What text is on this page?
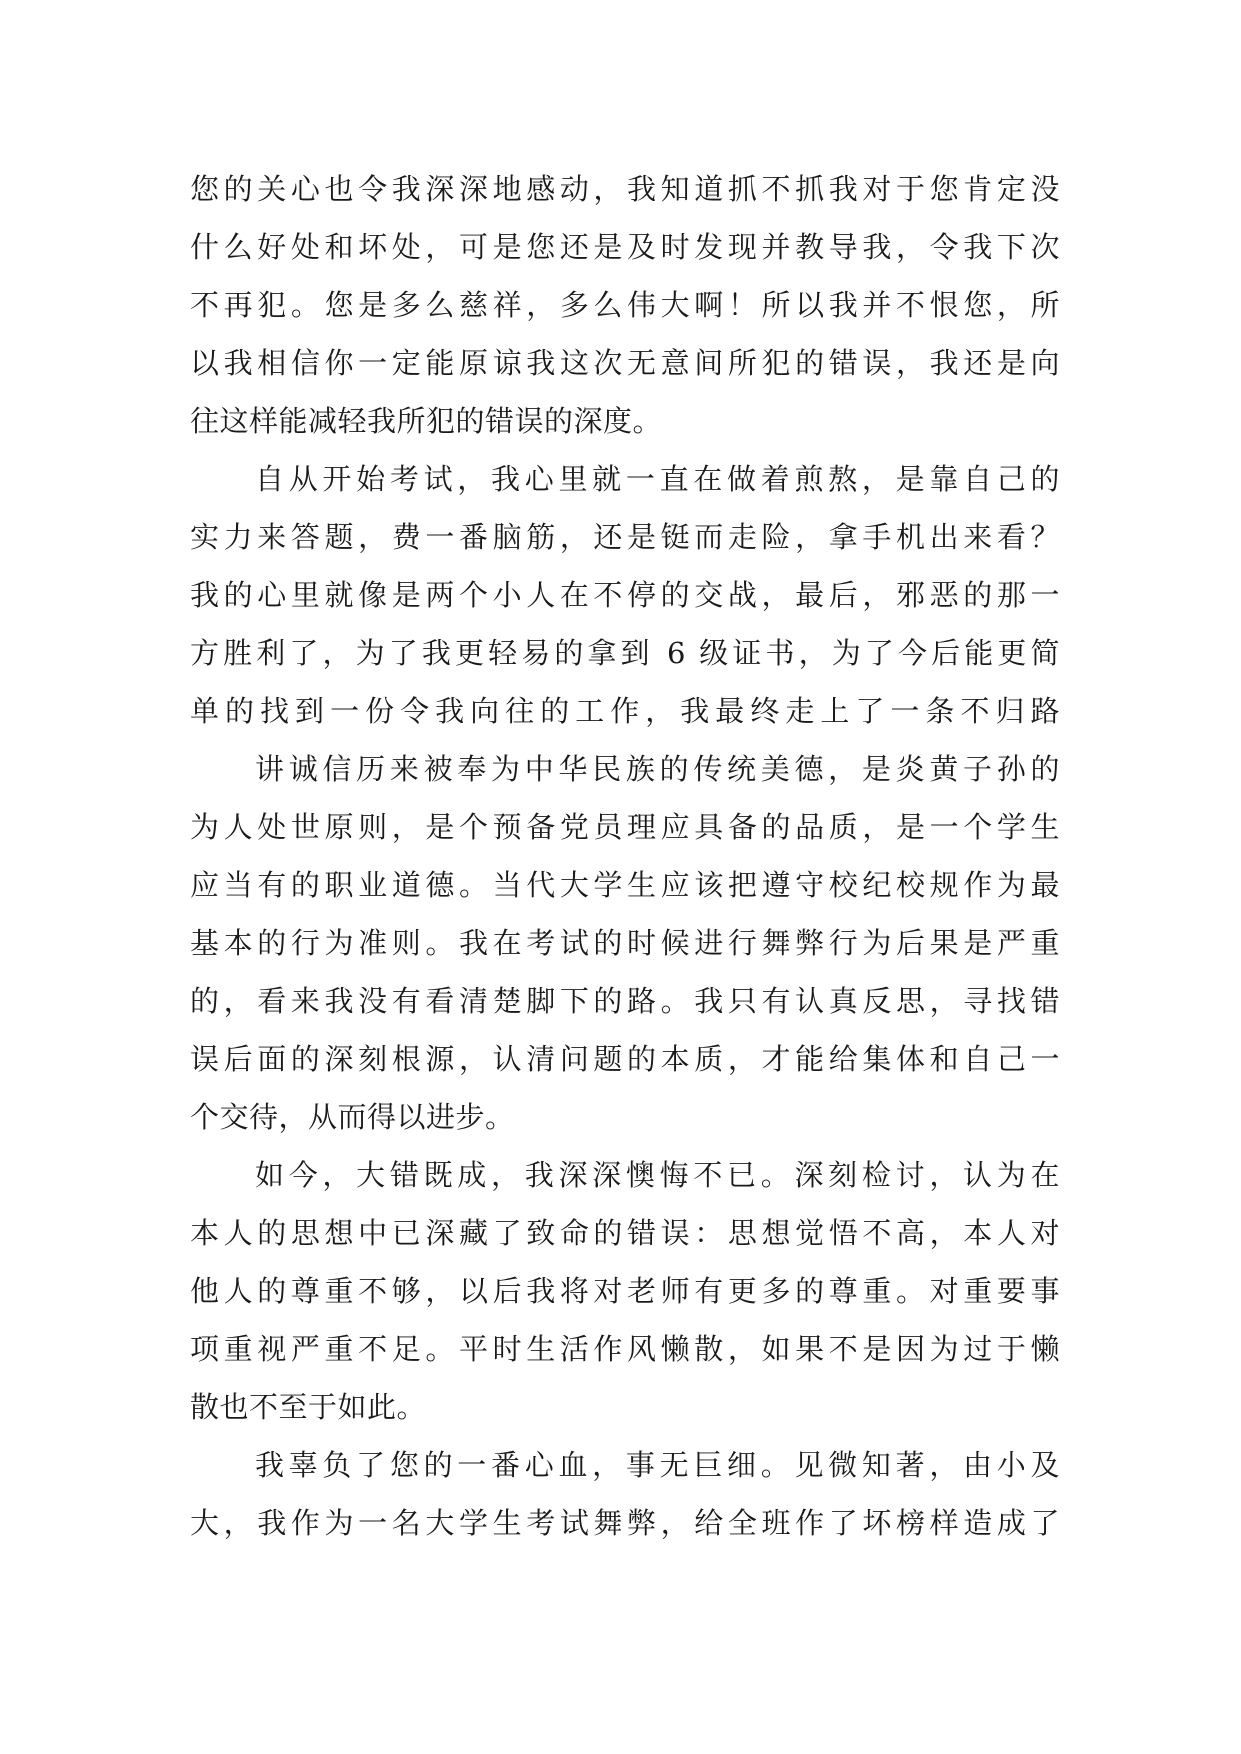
您的关心也令我深深地感动，我知道抓不抓我对于您肯定没
什么好处和坏处，可是您还是及时发现并教导我，令我下次
不再犯。您是多么慈祥，多么伟大啊！所以我并不恨您，所
以我相信你一定能原谅我这次无意间所犯的错误，我还是向
往这样能减轻我所犯的错误的深度。
自从开始考试，我心里就一直在做着煎熬，是靠自己的
实力来答题，费一番脑筋，还是铤而走险，拿手机出来看？
我的心里就像是两个小人在不停的交战，最后，邪恶的那一
方胜利了，为了我更轻易的拿到 6 级证书，为了今后能更简
单的找到一份令我向往的工作，我最终走上了一条不归路
讲诚信历来被奉为中华民族的传统美德，是炎黄子孙的
为人处世原则，是个预备党员理应具备的品质，是一个学生
应当有的职业道德。当代大学生应该把遵守校纪校规作为最
基本的行为准则。我在考试的时候进行舞弊行为后果是严重
的，看来我没有看清楚脚下的路。我只有认真反思，寻找错
误后面的深刻根源，认清问题的本质，才能给集体和自己一
个交待，从而得以进步。
如今，大错既成，我深深懊悔不已。深刻检讨，认为在
本人的思想中已深藏了致命的错误：思想觉悟不高，本人对
他人的尊重不够，以后我将对老师有更多的尊重。对重要事
项重视严重不足。平时生活作风懒散，如果不是因为过于懒
散也不至于如此。
我辜负了您的一番心血，事无巨细。见微知著，由小及
大，我作为一名大学生考试舞弊，给全班作了坏榜样造成了
